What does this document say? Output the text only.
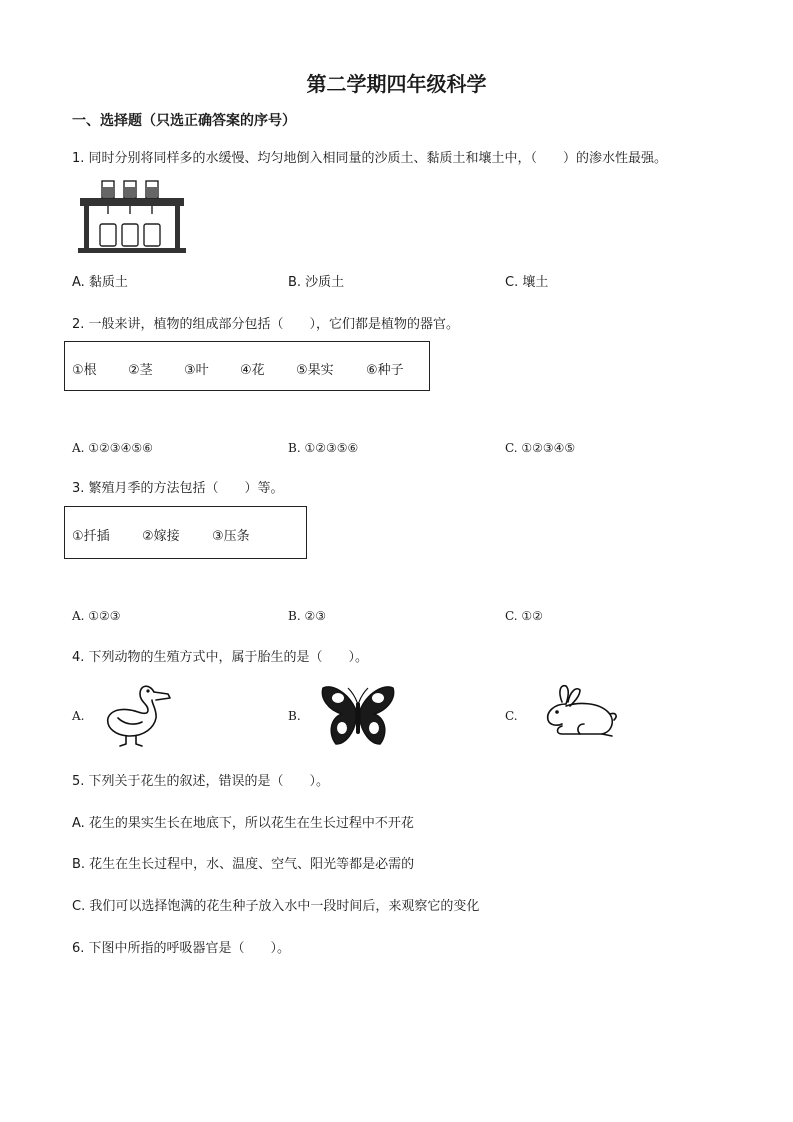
第二学期四年级科学
一、选择题（只选正确答案的序号）
1. 同时分别将同样多的水缓慢、均匀地倒入相同量的沙质土、黏质土和壤土中，（　　）的渗水性最强。
A. 黏质土	B. 沙质土	C. 壤土
2. 一般来讲，植物的组成部分包括（　　），它们都是植物的器官。
①根 ②茎 ③叶 ④花 ⑤果实 ⑥种子
A. ①②③④⑤⑥	B. ①②③⑤⑥	C. ①②③④⑤
3. 繁殖月季的方法包括（　　）等。
①扦插 ②嫁接 ③压条
A. ①②③	B. ②③	C. ①②
4. 下列动物的生殖方式中，属于胎生的是（　　）。
A.	B.	C.
5. 下列关于花生的叙述，错误的是（　　）。
A. 花生的果实生长在地底下，所以花生在生长过程中不开花
B. 花生在生长过程中，水、温度、空气、阳光等都是必需的
C. 我们可以选择饱满的花生种子放入水中一段时间后，来观察它的变化
6. 下图中所指的呼吸器官是（　　）。
